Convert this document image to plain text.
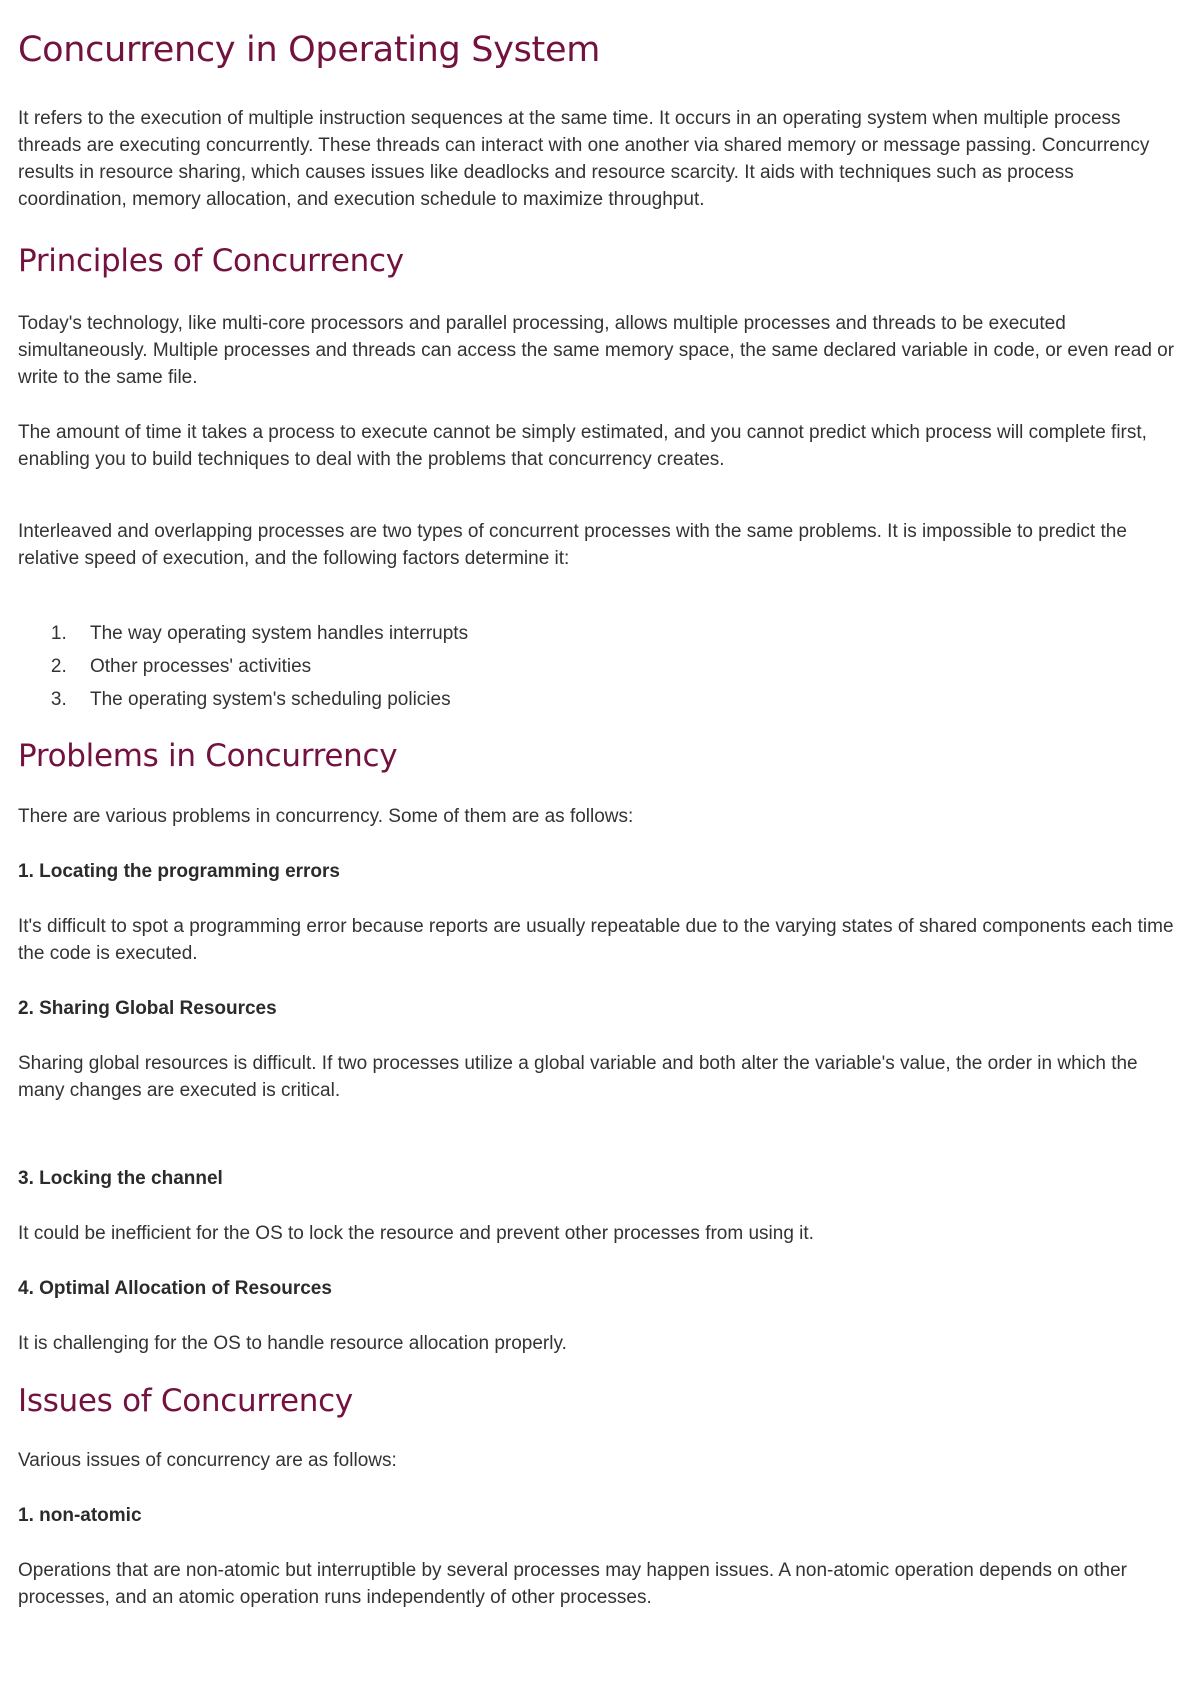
Concurrency in Operating System

It refers to the execution of multiple instruction sequences at the same time. It occurs in an operating system when multiple process threads are executing concurrently. These threads can interact with one another via shared memory or message passing. Concurrency results in resource sharing, which causes issues like deadlocks and resource scarcity. It aids with techniques such as process coordination, memory allocation, and execution schedule to maximize throughput.

Principles of Concurrency

Today's technology, like multi-core processors and parallel processing, allows multiple processes and threads to be executed simultaneously. Multiple processes and threads can access the same memory space, the same declared variable in code, or even read or write to the same file.

The amount of time it takes a process to execute cannot be simply estimated, and you cannot predict which process will complete first, enabling you to build techniques to deal with the problems that concurrency creates.

Interleaved and overlapping processes are two types of concurrent processes with the same problems. It is impossible to predict the relative speed of execution, and the following factors determine it:

1. The way operating system handles interrupts
2. Other processes' activities
3. The operating system's scheduling policies
Problems in Concurrency

There are various problems in concurrency. Some of them are as follows:

1. Locating the programming errors

It's difficult to spot a programming error because reports are usually repeatable due to the varying states of shared components each time the code is executed.

2. Sharing Global Resources

Sharing global resources is difficult. If two processes utilize a global variable and both alter the variable's value, the order in which the many changes are executed is critical.

3. Locking the channel

It could be inefficient for the OS to lock the resource and prevent other processes from using it.

4. Optimal Allocation of Resources

It is challenging for the OS to handle resource allocation properly.

Issues of Concurrency

Various issues of concurrency are as follows:

1. non-atomic

Operations that are non-atomic but interruptible by several processes may happen issues. A non-atomic operation depends on other processes, and an atomic operation runs independently of other processes.
